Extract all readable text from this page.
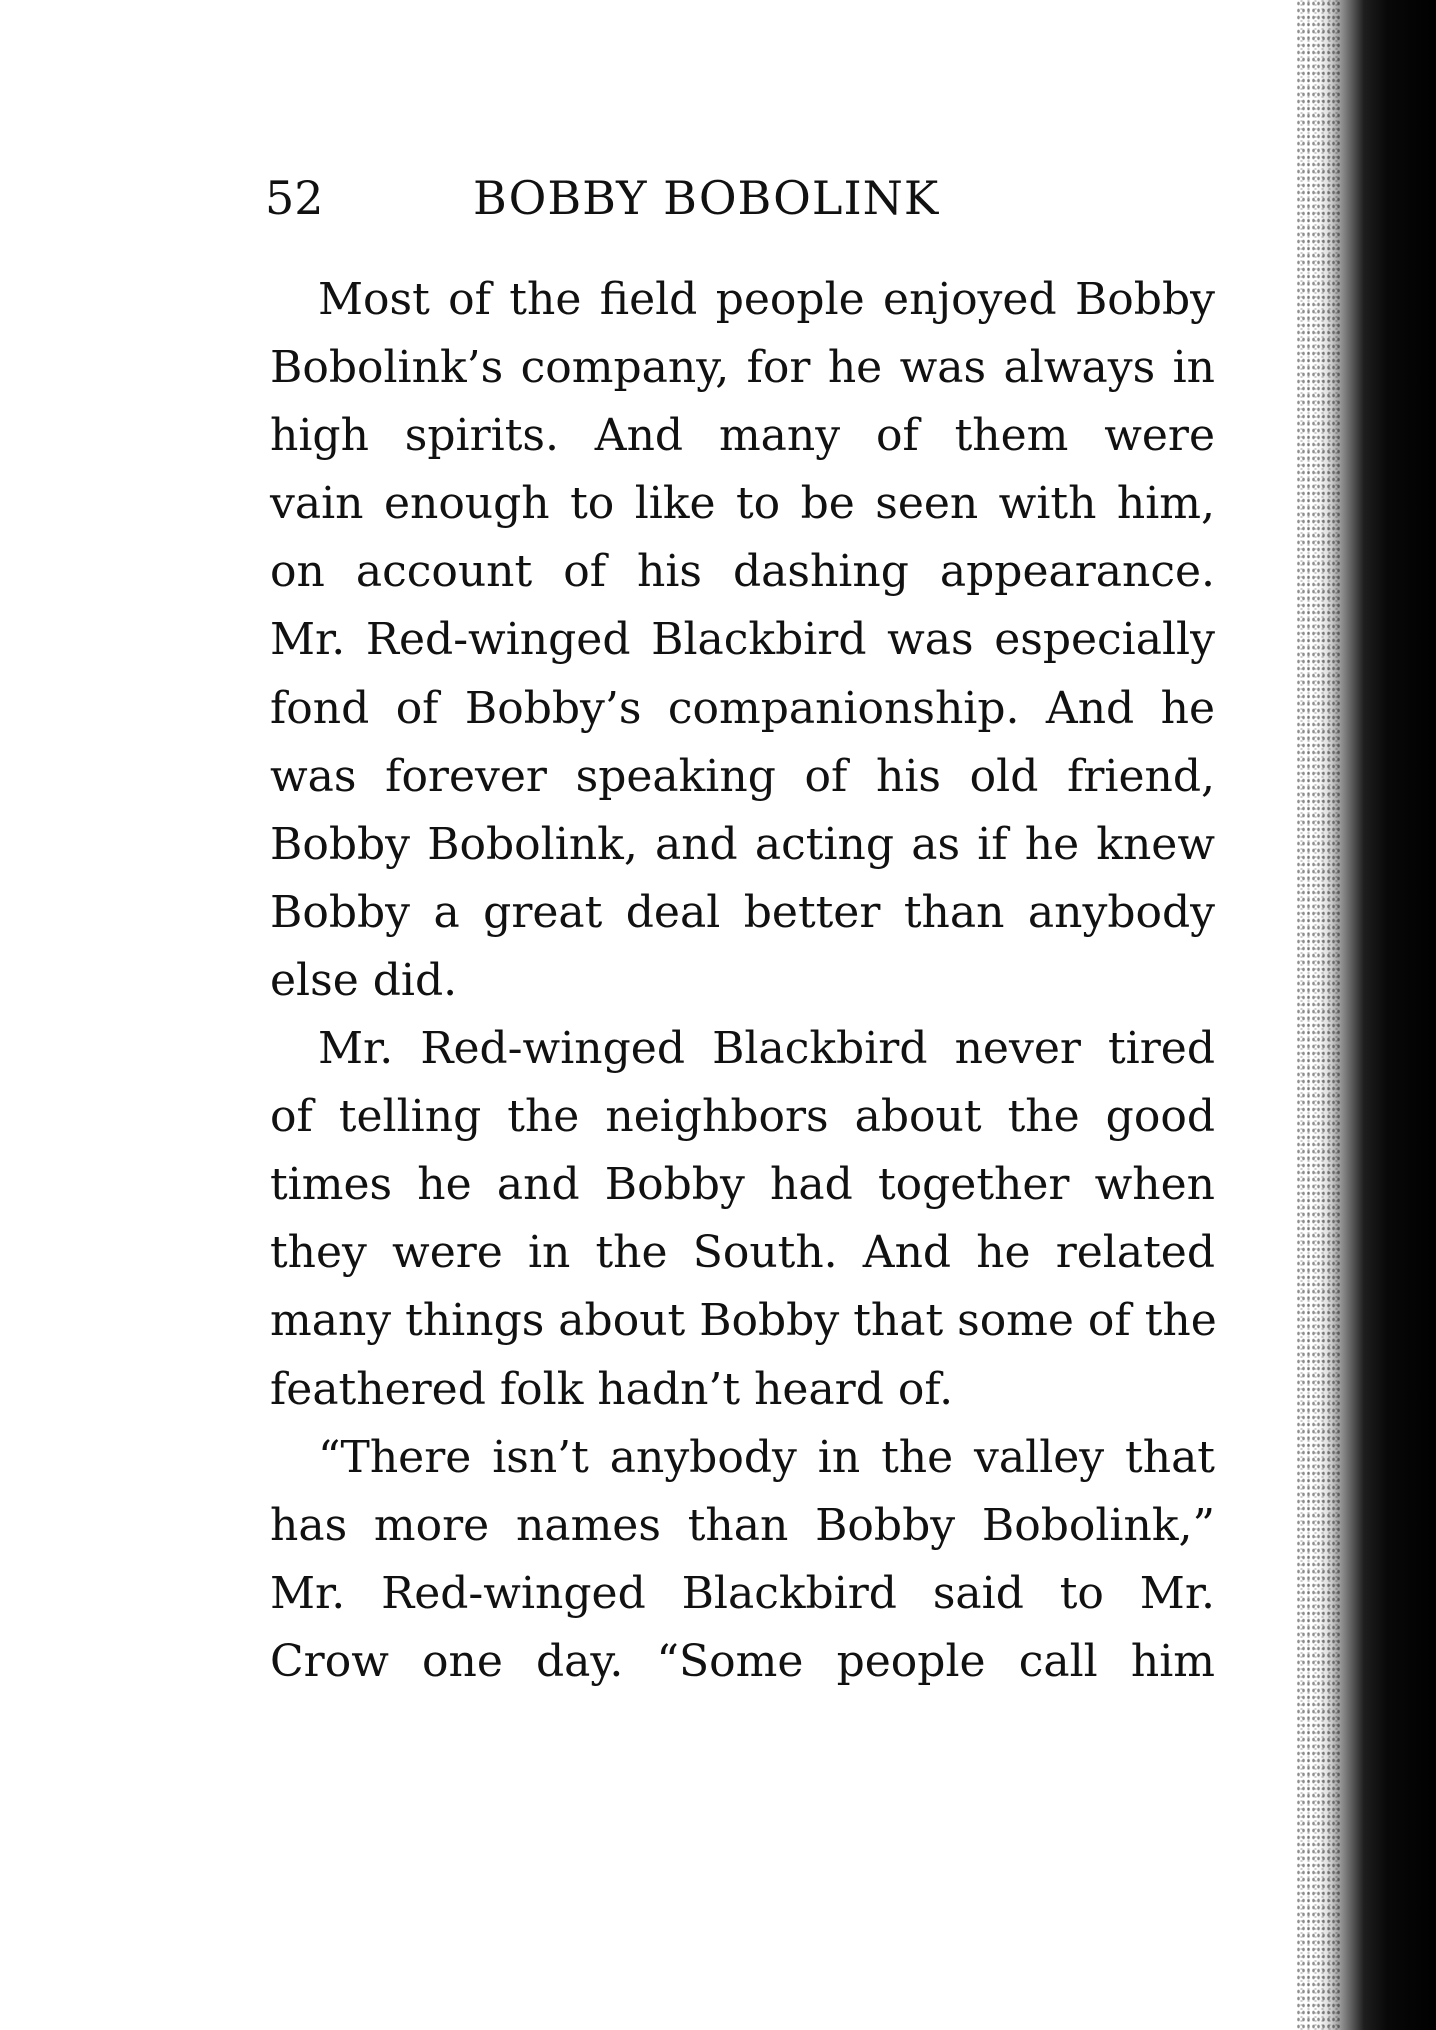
52	BOBBY BOBOLINK
Most of the field people enjoyed Bobby
Bobolink’s company, for he was always in
high spirits. And many of them were
vain enough to like to be seen with him,
on account of his dashing appearance.
Mr. Red-winged Blackbird was especially
fond of Bobby’s companionship. And he
was forever speaking of his old friend,
Bobby Bobolink, and acting as if he knew
Bobby a great deal better than anybody
else did.
Mr. Red-winged Blackbird never tired
of telling the neighbors about the good
times he and Bobby had together when
they were in the South. And he related
many things about Bobby that some of the
feathered folk hadn’t heard of.
“There isn’t anybody in the valley that
has more names than Bobby Bobolink,”
Mr. Red-winged Blackbird said to Mr.
Crow one day. “Some people call him
